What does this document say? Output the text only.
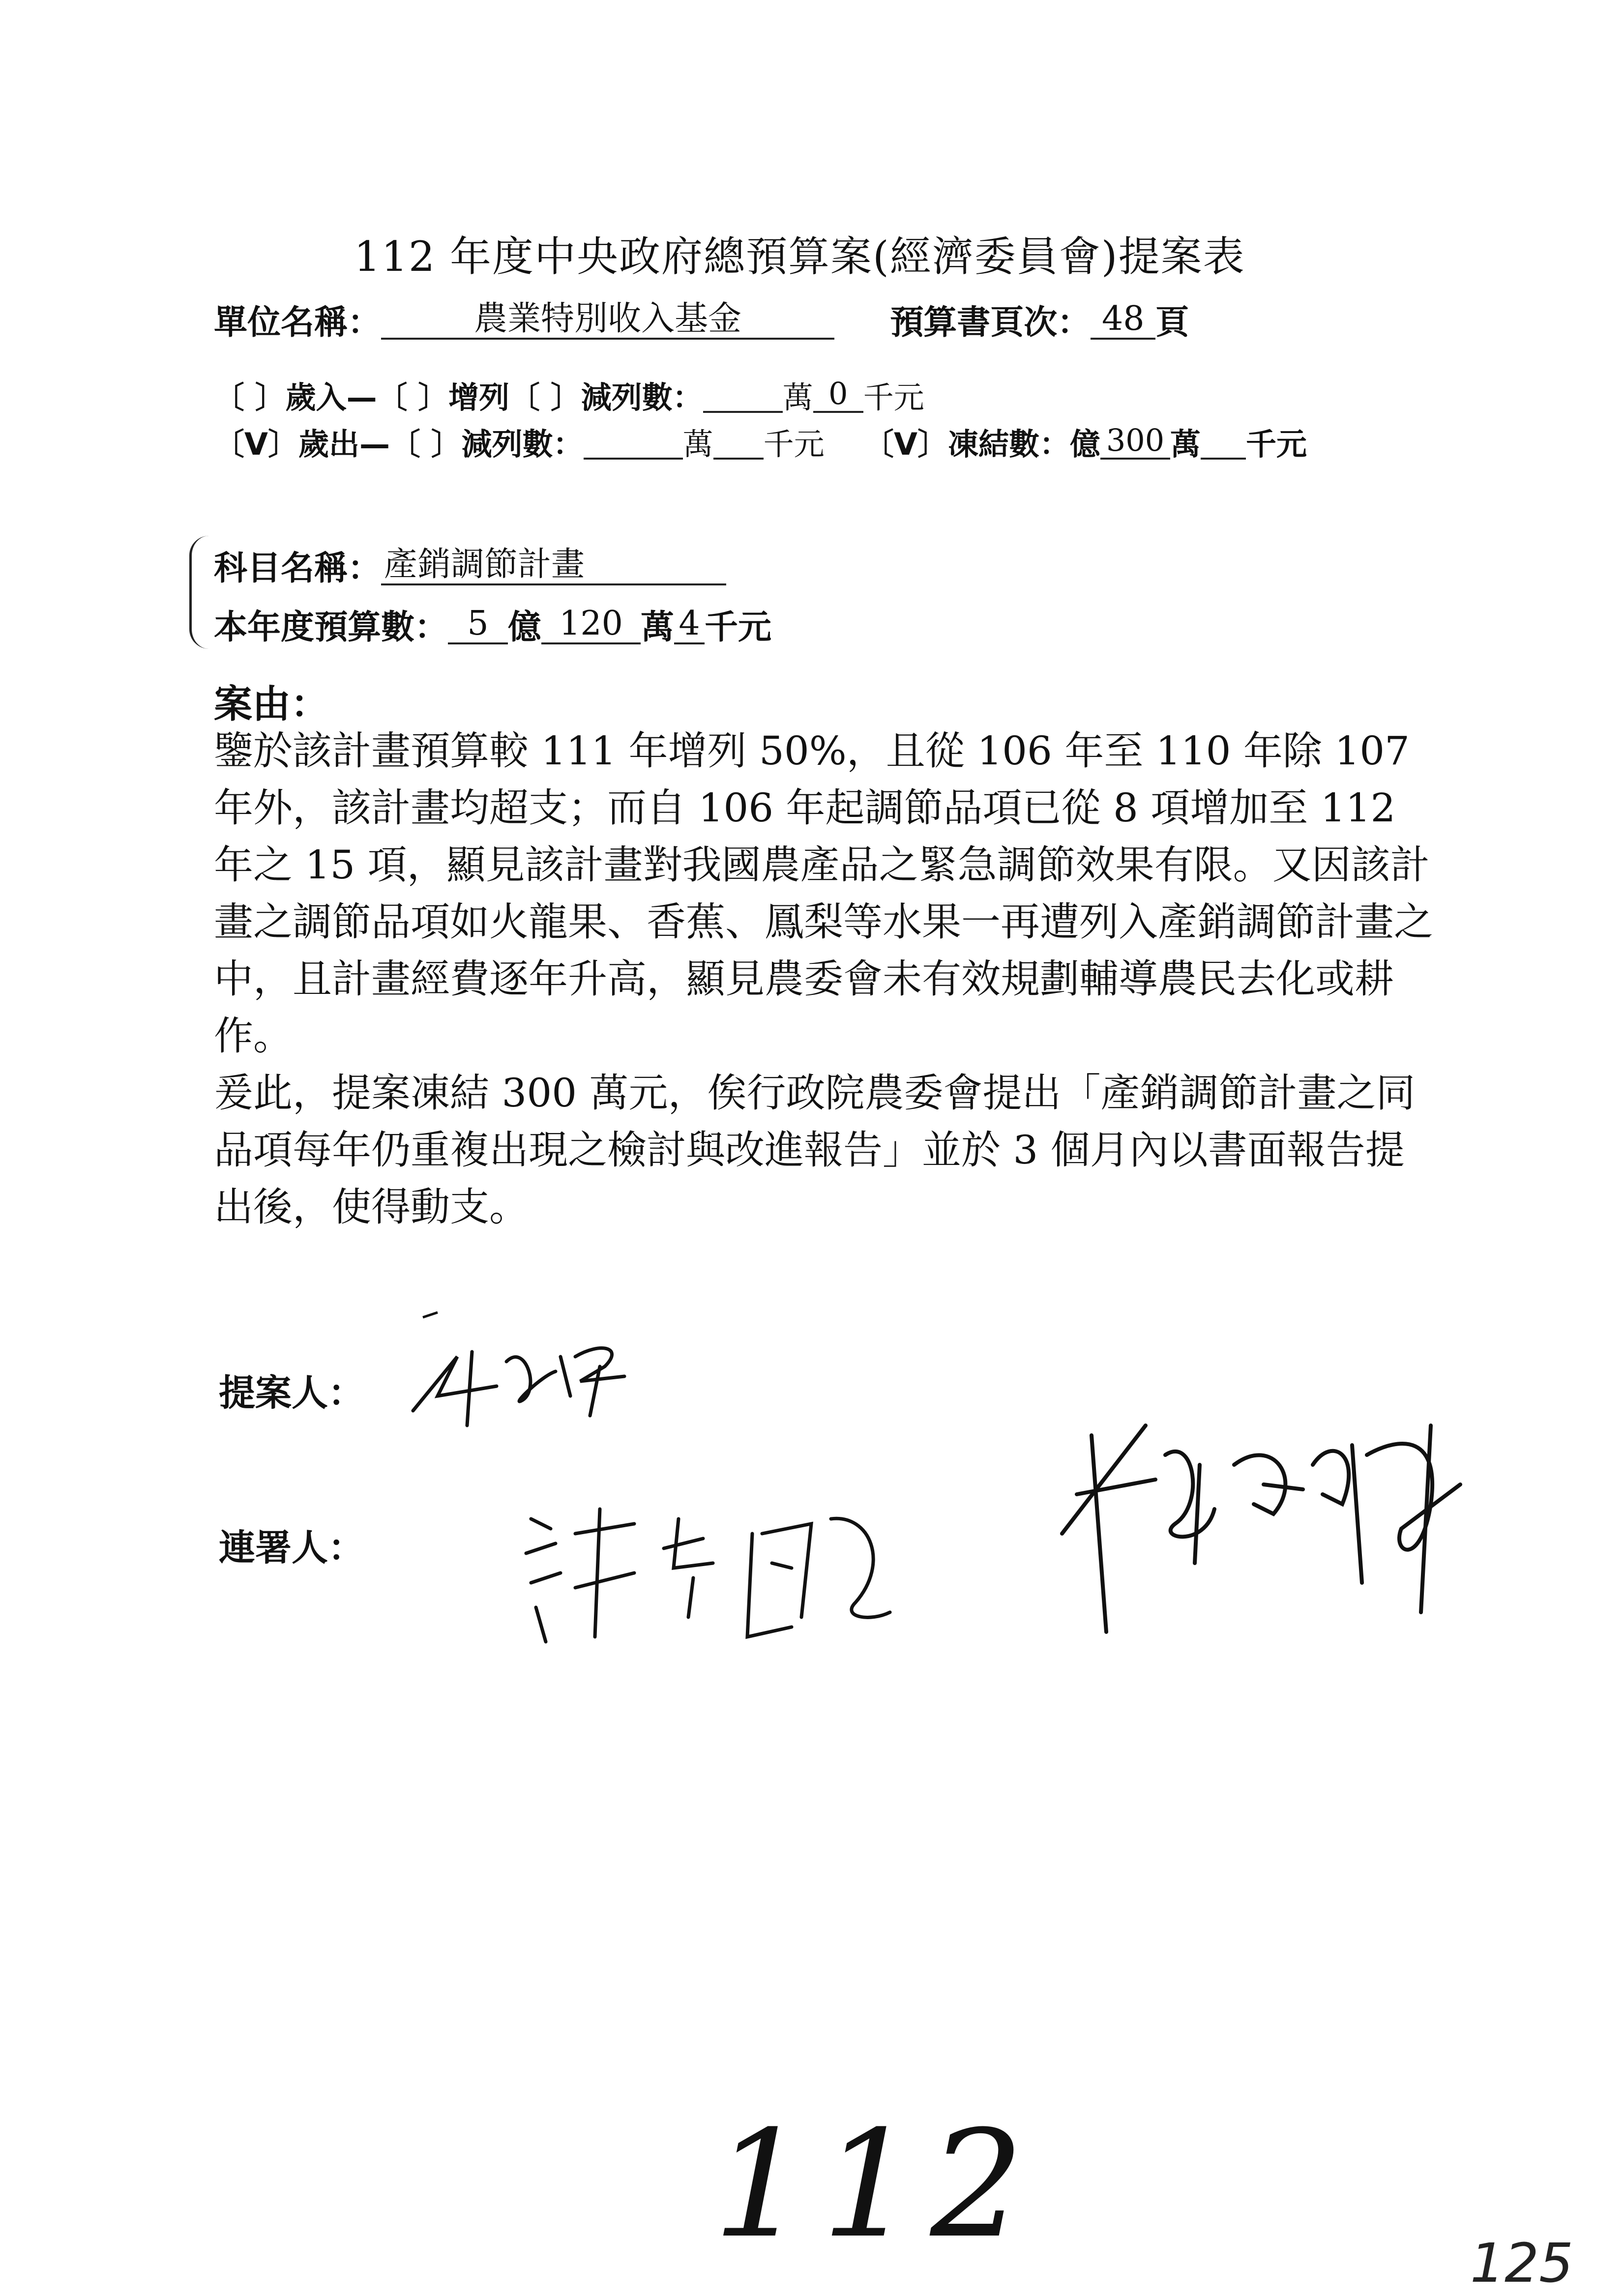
112 年度中央政府總預算案(經濟委員會)提案表
單位名稱：	農業特別收入基金	預算書頁次： 48 頁
〔 〕歲入—〔 〕增列〔 〕減列數：	萬 0 千元
〔V〕歲出—〔 〕減列數：	萬 千元 〔V〕凍結數：億 300 萬 千元
科目名稱：產銷調節計畫
本年度預算數： 5 億 120 萬 4 千元
案由：

鑒於該計畫預算較 111 年增列 50%，且從 106 年至 110 年除 107 年外，該計畫均超支；而自 106 年起調節品項已從 8 項增加至 112 年之 15 項，顯見該計畫對我國農產品之緊急調節效果有限。又因該計畫之調節品項如火龍果、香蕉、鳳梨等水果一再遭列入產銷調節計畫之中，且計畫經費逐年升高，顯見農委會未有效規劃輔導農民去化或耕作。

爰此，提案凍結 300 萬元，俟行政院農委會提出「產銷調節計畫之同品項每年仍重複出現之檢討與改進報告」並於 3 個月內以書面報告提出後，使得動支。

提案人：
連署人：
112	125
